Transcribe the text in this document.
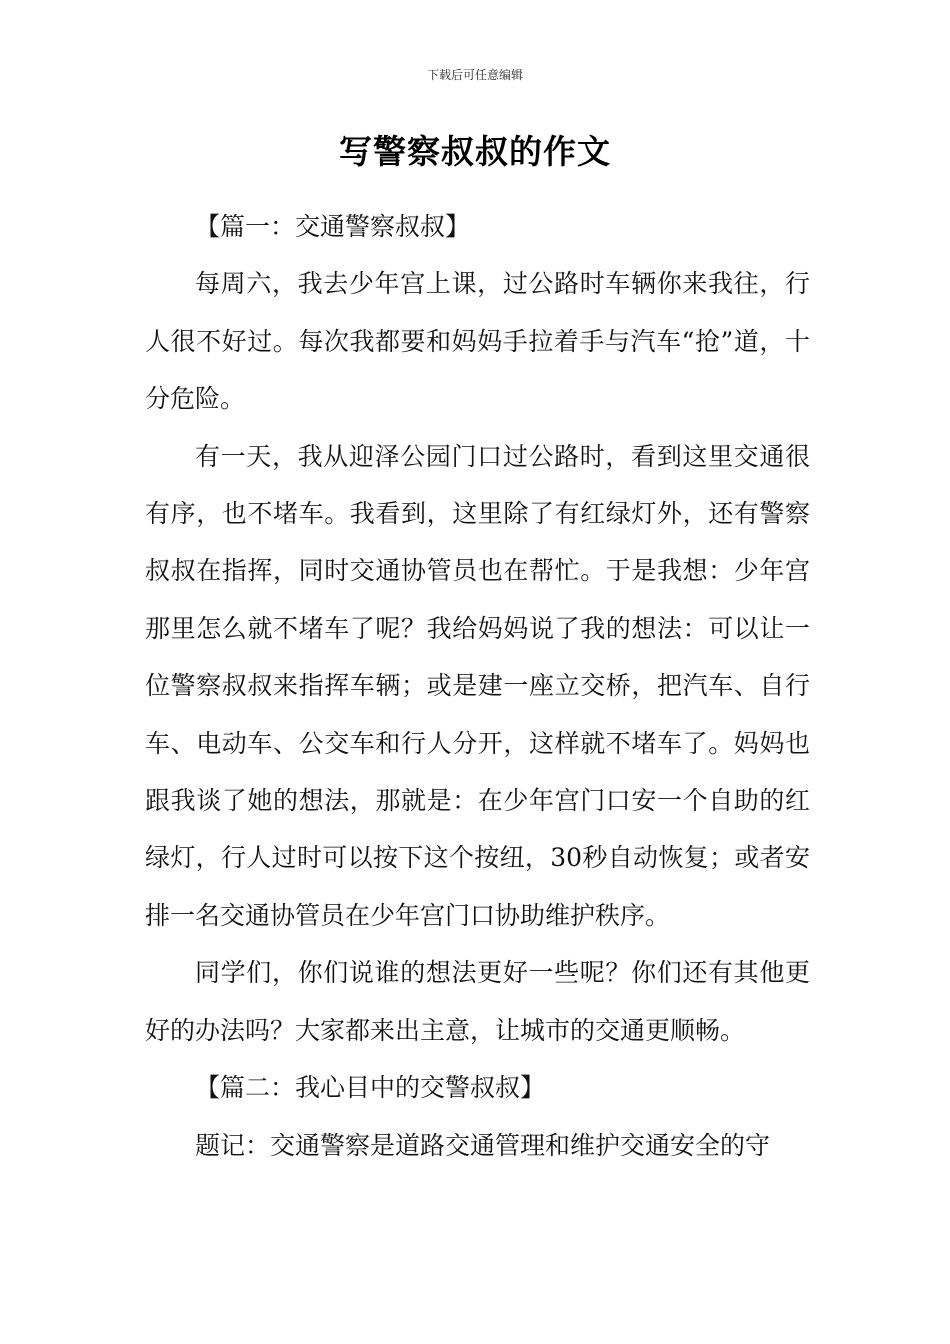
下载后可任意编辑
写警察叔叔的作文

【篇一：交通警察叔叔】

每周六，我去少年宫上课，过公路时车辆你来我往，行人很不好过。每次我都要和妈妈手拉着手与汽车“抢”道，十分危险。

有一天，我从迎泽公园门口过公路时，看到这里交通很有序，也不堵车。我看到，这里除了有红绿灯外，还有警察叔叔在指挥，同时交通协管员也在帮忙。于是我想：少年宫那里怎么就不堵车了呢？我给妈妈说了我的想法：可以让一位警察叔叔来指挥车辆；或是建一座立交桥，把汽车、自行车、电动车、公交车和行人分开，这样就不堵车了。妈妈也跟我谈了她的想法，那就是：在少年宫门口安一个自助的红绿灯，行人过时可以按下这个按纽，30秒自动恢复；或者安排一名交通协管员在少年宫门口协助维护秩序。

同学们，你们说谁的想法更好一些呢？你们还有其他更好的办法吗？大家都来出主意，让城市的交通更顺畅。

【篇二：我心目中的交警叔叔】

题记：交通警察是道路交通管理和维护交通安全的守
